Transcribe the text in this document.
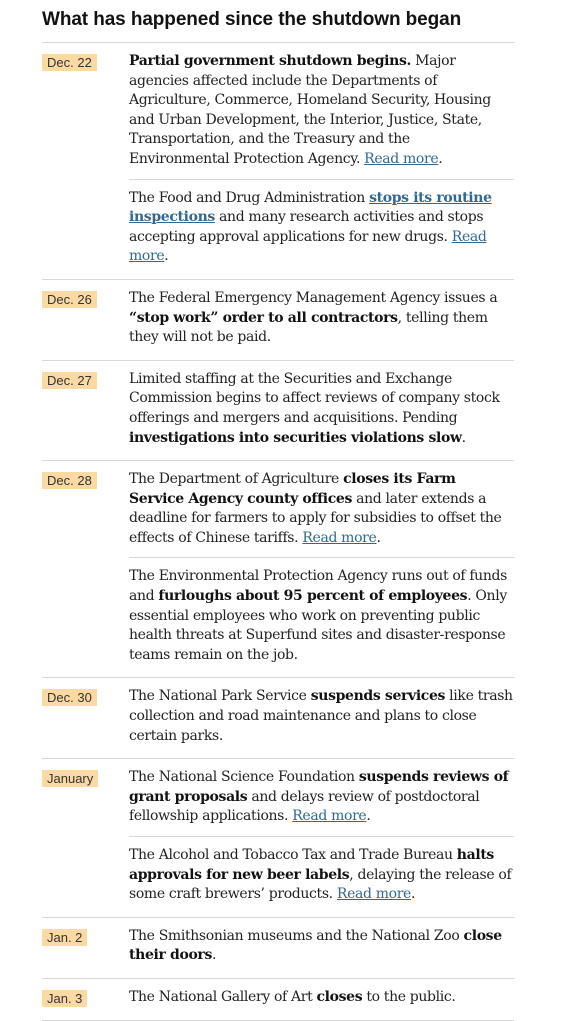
What has happened since the shutdown began
Dec. 22	Partial government shutdown begins. Major agencies affected include the Departments of Agriculture, Commerce, Homeland Security, Housing and Urban Development, the Interior, Justice, State, Transportation, and the Treasury and the Environmental Protection Agency. Read more.
The Food and Drug Administration stops its routine inspections and many research activities and stops accepting approval applications for new drugs. Read more.
Dec. 26	The Federal Emergency Management Agency issues a “stop work” order to all contractors, telling them they will not be paid.
Dec. 27	Limited staffing at the Securities and Exchange Commission begins to affect reviews of company stock offerings and mergers and acquisitions. Pending investigations into securities violations slow.
Dec. 28	The Department of Agriculture closes its Farm Service Agency county offices and later extends a deadline for farmers to apply for subsidies to offset the effects of Chinese tariffs. Read more.
The Environmental Protection Agency runs out of funds and furloughs about 95 percent of employees. Only essential employees who work on preventing public health threats at Superfund sites and disaster-response teams remain on the job.
Dec. 30	The National Park Service suspends services like trash collection and road maintenance and plans to close certain parks.
January	The National Science Foundation suspends reviews of grant proposals and delays review of postdoctoral fellowship applications. Read more.
The Alcohol and Tobacco Tax and Trade Bureau halts approvals for new beer labels, delaying the release of some craft brewers’ products. Read more.
Jan. 2	The Smithsonian museums and the National Zoo close their doors.
Jan. 3	The National Gallery of Art closes to the public.
